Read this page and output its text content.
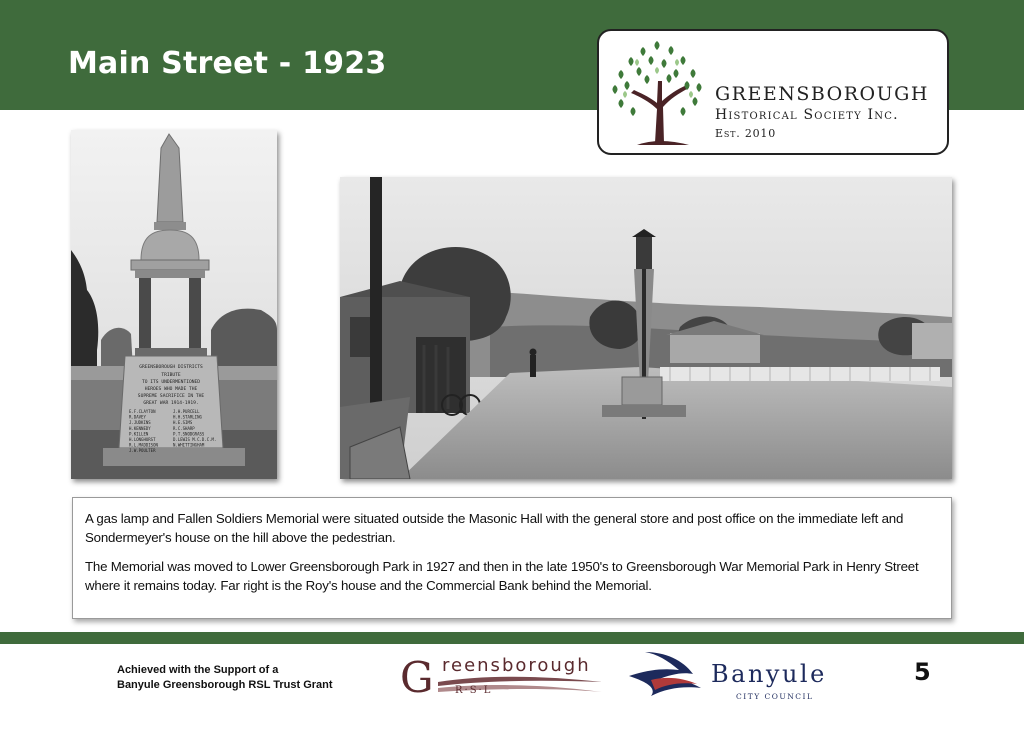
Main Street - 1923
GREENSBOROUGH
Historical Society Inc.
Est. 2010
GREENSBOROUGH DISTRICTS
TRIBUTE
TO ITS UNDERMENTIONED
HEROES WHO MADE THE
SUPREME SACRIFICE IN THE
GREAT WAR 1914-1919.
E.F.CLAYTON
R.DAVEY
J.JUDKINS
H.KENNEDY
P.KILLEN
H.LONGHURST
R.L.MADDISON
J.W.POULTER
J.H.PURCELL
H.H.STARLING
H.E.SIMS
R.C.SHARP
P.T.SNODGRASS
D.LEWIS M.C.D.C.M.
N.WHITTINGHAM

A gas lamp and Fallen Soldiers Memorial were situated outside the Masonic Hall with the general store and post office on the immediate left and Sondermeyer's house on the hill above the pedestrian.

The Memorial was moved to Lower Greensborough Park in 1927 and then in the late 1950's to Greensborough War Memorial Park in Henry Street where it remains today. Far right is the Roy's house and the Commercial Bank behind the Memorial.

Achieved with the Support of a
Banyule Greensborough RSL Trust Grant G reensborough
R·S·L
Banyule
CITY COUNCIL
5
